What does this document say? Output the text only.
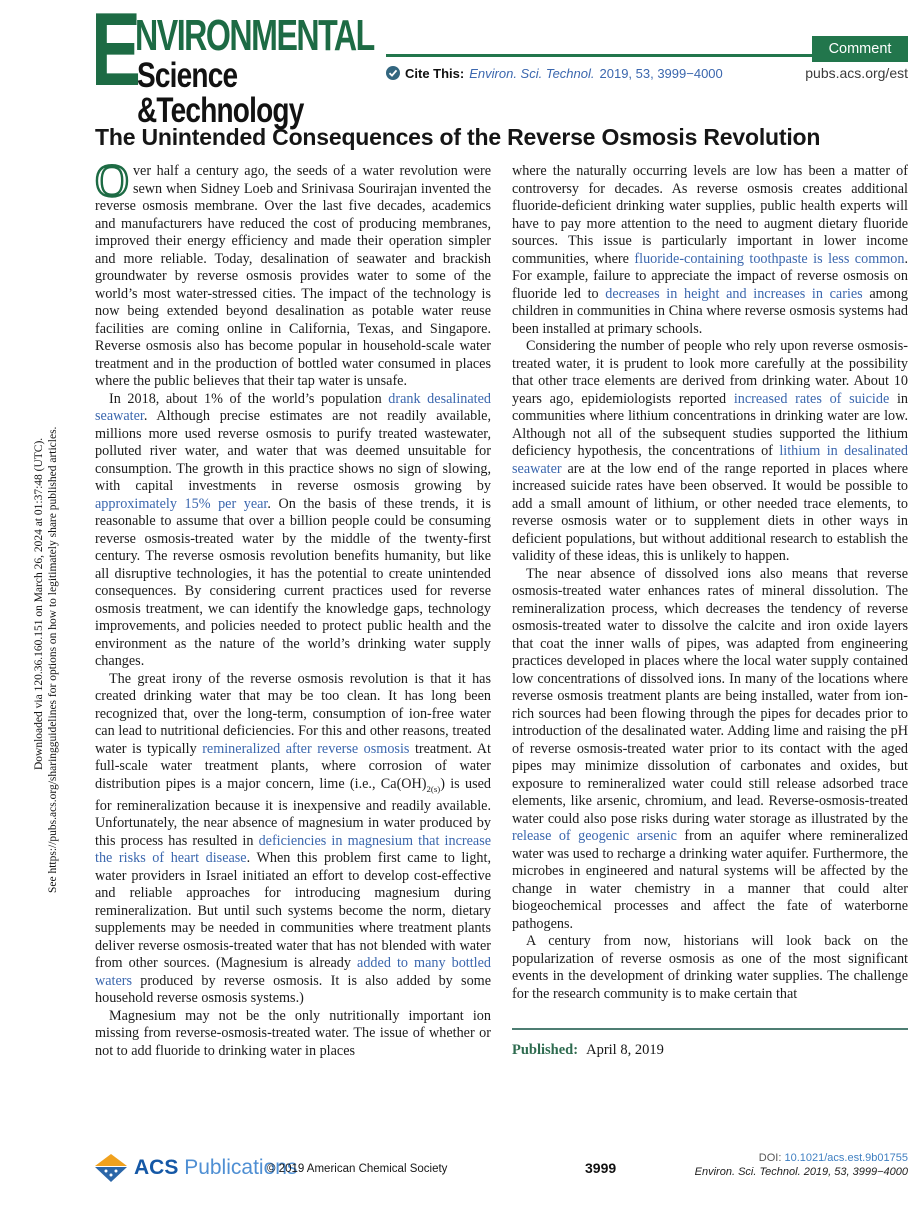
Downloaded via 120.36.160.151 on March 26, 2024 at 01:37:48 (UTC). See https://pubs.acs.org/sharingguidelines for options on how to legitimately share published articles.
E
NVIRONMENTAL
Science &Technology
Comment
Cite This: Environ. Sci. Technol. 2019, 53, 3999−4000	pubs.acs.org/est
The Unintended Consequences of the Reverse Osmosis Revolution

Over half a century ago, the seeds of a water revolution were sewn when Sidney Loeb and Srinivasa Sourirajan invented the reverse osmosis membrane. Over the last five decades, academics and manufacturers have reduced the cost of producing membranes, improved their energy efficiency and made their operation simpler and more reliable. Today, desalination of seawater and brackish groundwater by reverse osmosis provides water to some of the world’s most water-stressed cities. The impact of the technology is now being extended beyond desalination as potable water reuse facilities are coming online in California, Texas, and Singapore. Reverse osmosis also has become popular in household-scale water treatment and in the production of bottled water consumed in places where the public believes that their tap water is unsafe.

In 2018, about 1% of the world’s population drank desalinated seawater. Although precise estimates are not readily available, millions more used reverse osmosis to purify treated wastewater, polluted river water, and water that was deemed unsuitable for consumption. The growth in this practice shows no sign of slowing, with capital investments in reverse osmosis growing by approximately 15% per year. On the basis of these trends, it is reasonable to assume that over a billion people could be consuming reverse osmosis-treated water by the middle of the twenty-first century. The reverse osmosis revolution benefits humanity, but like all disruptive technologies, it has the potential to create unintended consequences. By considering current practices used for reverse osmosis treatment, we can identify the knowledge gaps, technology improvements, and policies needed to protect public health and the environment as the nature of the world’s drinking water supply changes.

The great irony of the reverse osmosis revolution is that it has created drinking water that may be too clean. It has long been recognized that, over the long-term, consumption of ion-free water can lead to nutritional deficiencies. For this and other reasons, treated water is typically remineralized after reverse osmosis treatment. At full-scale water treatment plants, where corrosion of water distribution pipes is a major concern, lime (i.e., $Ca(OH)_{2(s)}$) is used for remineralization because it is inexpensive and readily available. Unfortunately, the near absence of magnesium in water produced by this process has resulted in deficiencies in magnesium that increase the risks of heart disease. When this problem first came to light, water providers in Israel initiated an effort to develop cost-effective and reliable approaches for introducing magnesium during remineralization. But until such systems become the norm, dietary supplements may be needed in communities where treatment plants deliver reverse osmosis-treated water that has not blended with water from other sources. (Magnesium is already added to many bottled waters produced by reverse osmosis. It is also added by some household reverse osmosis systems.)

Magnesium may not be the only nutritionally important ion missing from reverse-osmosis-treated water. The issue of whether or not to add fluoride to drinking water in places

where the naturally occurring levels are low has been a matter of controversy for decades. As reverse osmosis creates additional fluoride-deficient drinking water supplies, public health experts will have to pay more attention to the need to augment dietary fluoride sources. This issue is particularly important in lower income communities, where fluoride-containing toothpaste is less common. For example, failure to appreciate the impact of reverse osmosis on fluoride led to decreases in height and increases in caries among children in communities in China where reverse osmosis systems had been installed at primary schools.

Considering the number of people who rely upon reverse osmosis-treated water, it is prudent to look more carefully at the possibility that other trace elements are derived from drinking water. About 10 years ago, epidemiologists reported increased rates of suicide in communities where lithium concentrations in drinking water are low. Although not all of the subsequent studies supported the lithium deficiency hypothesis, the concentrations of lithium in desalinated seawater are at the low end of the range reported in places where increased suicide rates have been observed. It would be possible to add a small amount of lithium, or other needed trace elements, to reverse osmosis water or to supplement diets in other ways in deficient populations, but without additional research to establish the validity of these ideas, this is unlikely to happen.

The near absence of dissolved ions also means that reverse osmosis-treated water enhances rates of mineral dissolution. The remineralization process, which decreases the tendency of reverse osmosis-treated water to dissolve the calcite and iron oxide layers that coat the inner walls of pipes, was adapted from engineering practices developed in places where the local water supply contained low concentrations of dissolved ions. In many of the locations where reverse osmosis treatment plants are being installed, water from ion-rich sources had been flowing through the pipes for decades prior to introduction of the desalinated water. Adding lime and raising the pH of reverse osmosis-treated water prior to its contact with the aged pipes may minimize dissolution of carbonates and oxides, but exposure to remineralized water could still release adsorbed trace elements, like arsenic, chromium, and lead. Reverse-osmosis-treated water could also pose risks during water storage as illustrated by the release of geogenic arsenic from an aquifer where remineralized water was used to recharge a drinking water aquifer. Furthermore, the microbes in engineered and natural systems will be affected by the change in water chemistry in a manner that could alter biogeochemical processes and affect the fate of waterborne pathogens.

A century from now, historians will look back on the popularization of reverse osmosis as one of the most significant events in the development of drinking water supplies. The challenge for the research community is to make certain that

Published: April 8, 2019
ACS Publications
© 2019 American Chemical Society	3999
DOI: 10.1021/acs.est.9b01755
Environ. Sci. Technol. 2019, 53, 3999−4000
